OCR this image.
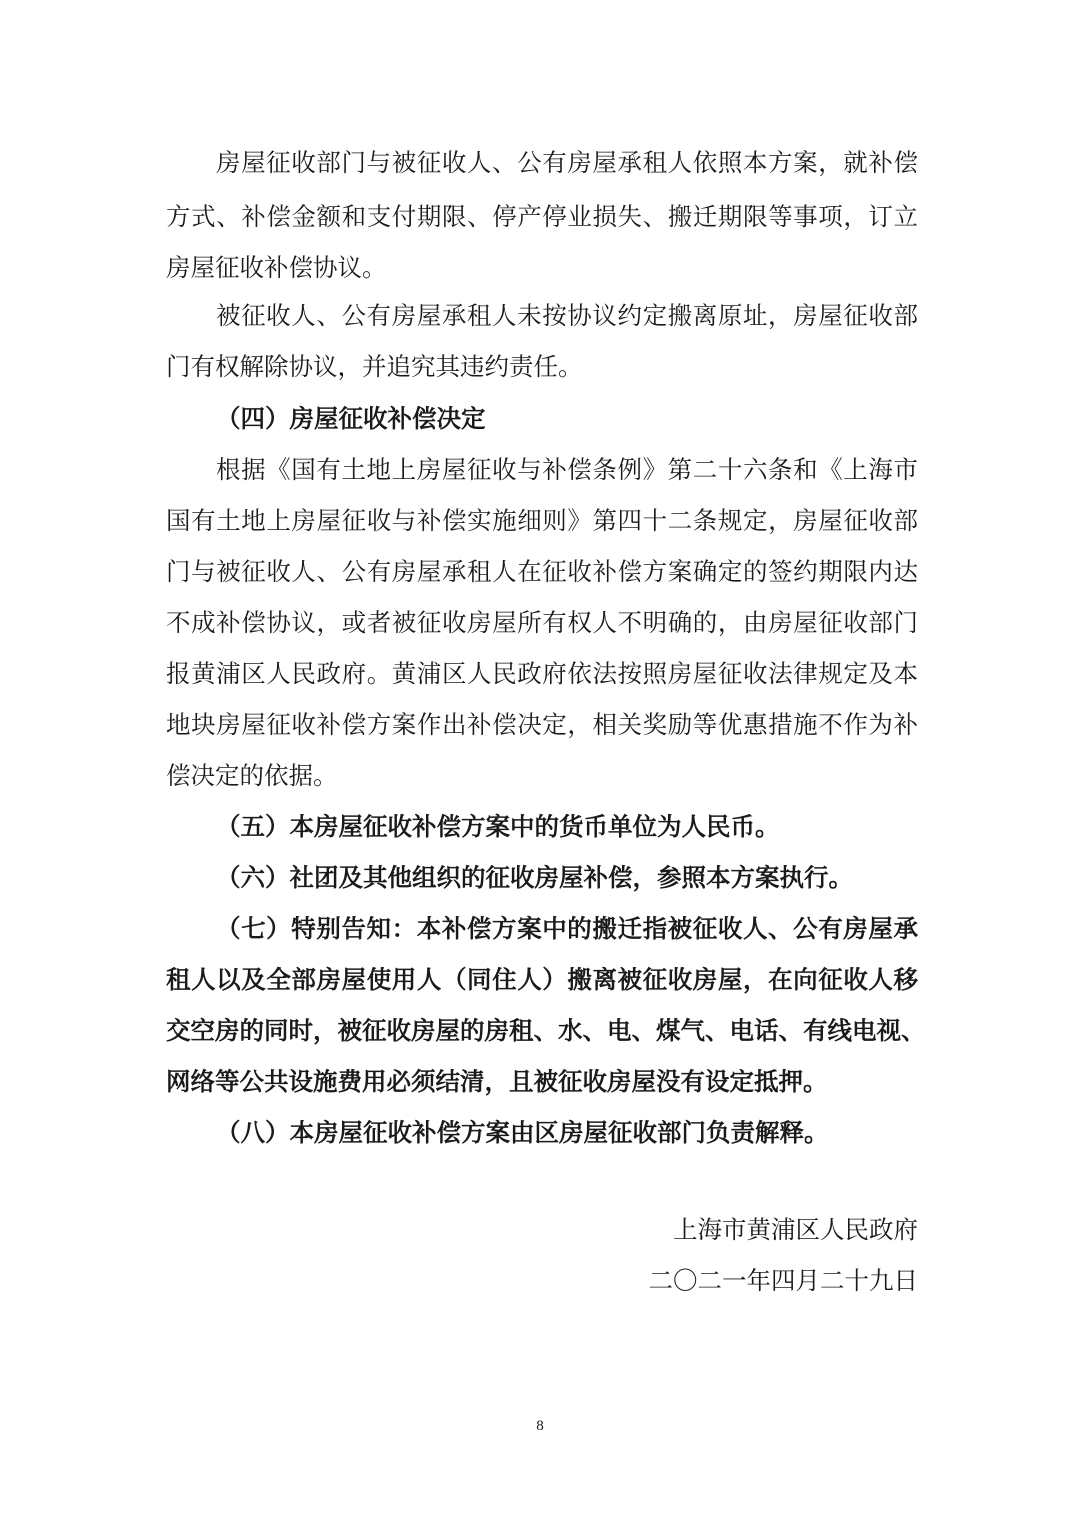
房屋征收部门与被征收人、公有房屋承租人依照本方案，就补偿
方式、补偿金额和支付期限、停产停业损失、搬迁期限等事项，订立
房屋征收补偿协议。
被征收人、公有房屋承租人未按协议约定搬离原址，房屋征收部
门有权解除协议，并追究其违约责任。
（四）房屋征收补偿决定
根据《国有土地上房屋征收与补偿条例》第二十六条和《上海市
国有土地上房屋征收与补偿实施细则》第四十二条规定，房屋征收部
门与被征收人、公有房屋承租人在征收补偿方案确定的签约期限内达
不成补偿协议，或者被征收房屋所有权人不明确的，由房屋征收部门
报黄浦区人民政府。黄浦区人民政府依法按照房屋征收法律规定及本
地块房屋征收补偿方案作出补偿决定，相关奖励等优惠措施不作为补
偿决定的依据。
（五）本房屋征收补偿方案中的货币单位为人民币。
（六）社团及其他组织的征收房屋补偿，参照本方案执行。
（七）特别告知：本补偿方案中的搬迁指被征收人、公有房屋承
租人以及全部房屋使用人（同住人）搬离被征收房屋，在向征收人移
交空房的同时，被征收房屋的房租、水、电、煤气、电话、有线电视、
网络等公共设施费用必须结清，且被征收房屋没有设定抵押。
（八）本房屋征收补偿方案由区房屋征收部门负责解释。
上海市黄浦区人民政府
二〇二一年四月二十九日
8
